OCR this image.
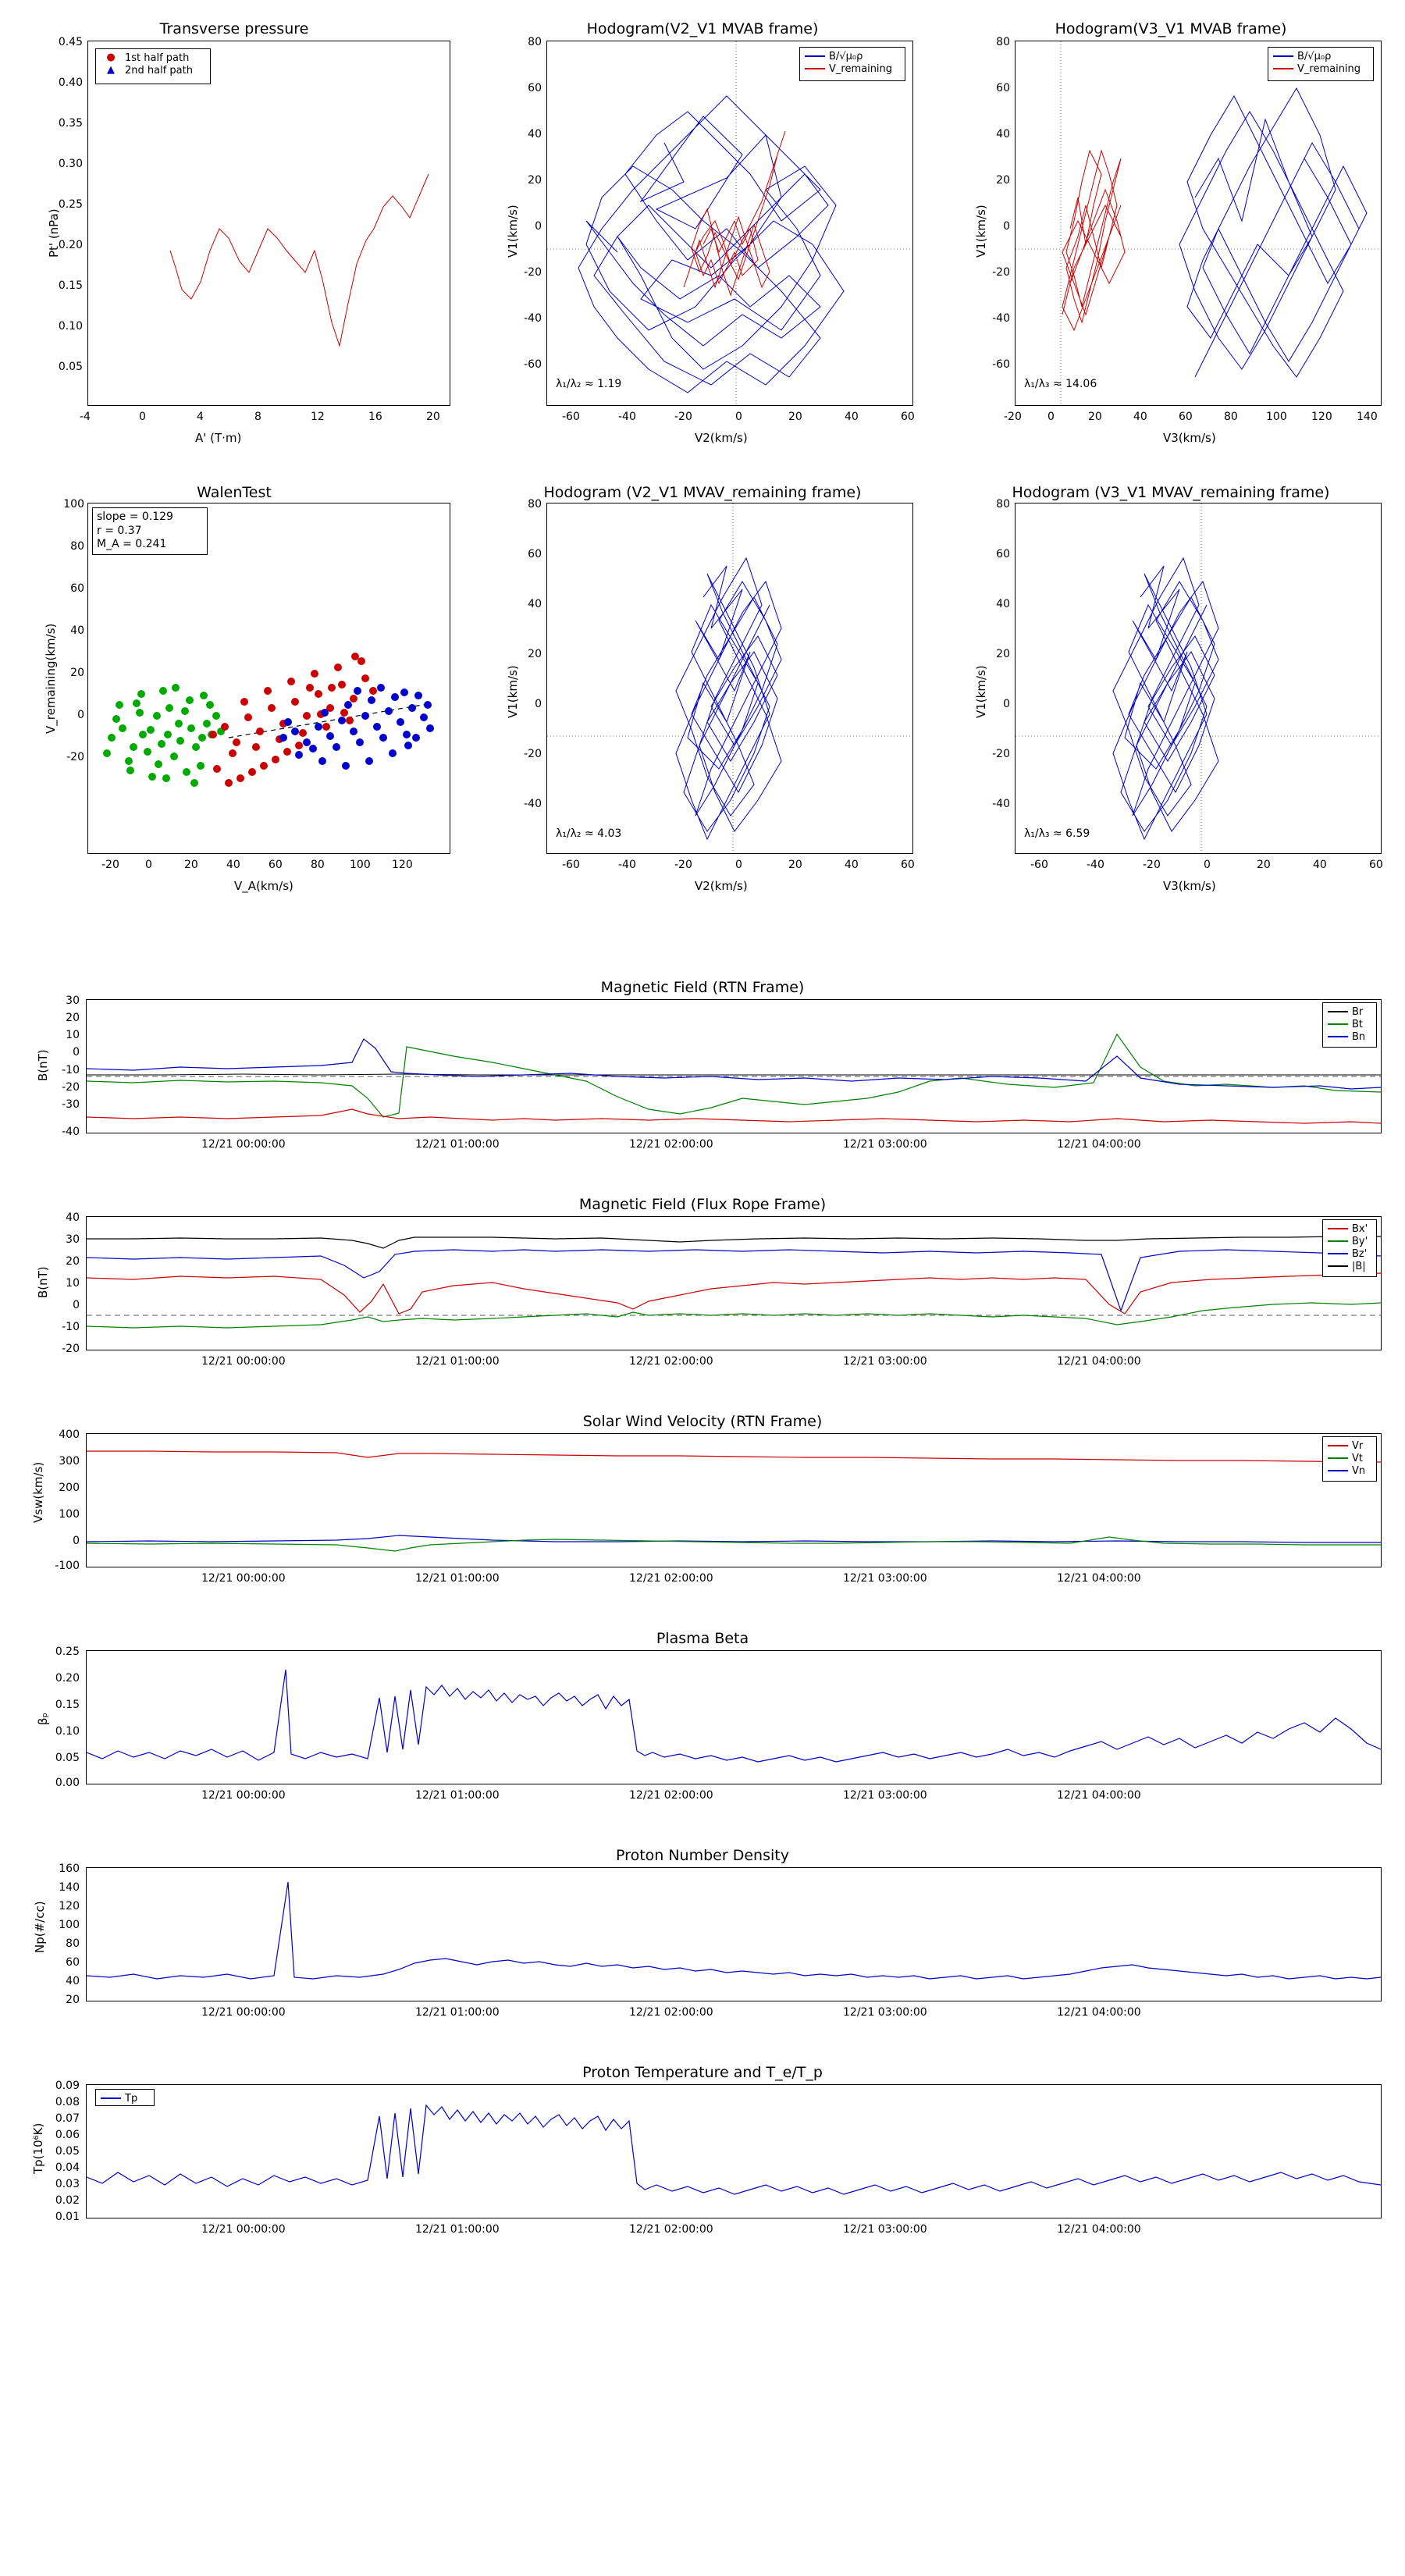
Transverse pressure
● 1st half path
▲	2nd half path
Pt' (nPa)
A' (T·m)
0.45
0.40
0.35
0.30
0.25
0.20
0.15
0.10
0.05
-4	0	4	8	12	16	20
Hodogram(V2_V1 MVAB frame)
B/√μ₀ρ
V_remaining
λ₁/λ₂ ≈ 1.19
V1(km/s)
V2(km/s)
80
60
40
20
0
-20
-40
-60
-60	-40	-20	0	20	40	60
Hodogram(V3_V1 MVAB frame)
B/√μ₀ρ
V_remaining
λ₁/λ₃ ≈ 14.06
V1(km/s)
V3(km/s)
80
60
40
20
0
-20
-40
-60
-20 0	20	40	60	80	100 120 140
WalenTest
slope = 0.129
r = 0.37
M_A = 0.241
V_remaining(km/s)
V_A(km/s)
100
80
60
40
20
0
-20
-20 0	20	40	60	80 100 120
Hodogram (V2_V1 MVAV_remaining frame)
λ₁/λ₂ ≈ 4.03
V1(km/s)
V2(km/s)
80
60
40
20
0
-20
-40
-60	-40	-20	0	20	40	60
Hodogram (V3_V1 MVAV_remaining frame)
λ₁/λ₃ ≈ 6.59
V1(km/s)
V3(km/s)
80
60
40
20
0
-20
-40
-60	-40	-20	0	20	40	60
Magnetic Field (RTN Frame)
Br
Bt
Bn
B(nT)
30
20
10
0
-10
-20
-30
-40
12/21 00:00:00	12/21 01:00:00	12/21 02:00:00	12/21 03:00:00	12/21 04:00:00
Magnetic Field (Flux Rope Frame)
Bx'
By'
Bz'
|B|
B(nT)
40
30
20
10
0
-10
-20
12/21 00:00:00	12/21 01:00:00	12/21 02:00:00	12/21 03:00:00	12/21 04:00:00
Solar Wind Velocity (RTN Frame)
Vr
Vt
Vn
Vsw(km/s)
400
300
200
100
0
-100
12/21 00:00:00	12/21 01:00:00	12/21 02:00:00	12/21 03:00:00	12/21 04:00:00
Plasma Beta
βₚ
0.25
0.20
0.15
0.10
0.05
0.00
12/21 00:00:00	12/21 01:00:00	12/21 02:00:00	12/21 03:00:00	12/21 04:00:00
Proton Number Density
Np(#/cc)
160
140
120
100
80
60
40
20
12/21 00:00:00	12/21 01:00:00	12/21 02:00:00	12/21 03:00:00	12/21 04:00:00
Proton Temperature and T_e/T_p
Tp
Tp(10⁶K)
0.09
0.08
0.07
0.06
0.05
0.04
0.03
0.02
0.01
12/21 00:00:00	12/21 01:00:00	12/21 02:00:00	12/21 03:00:00	12/21 04:00:00
